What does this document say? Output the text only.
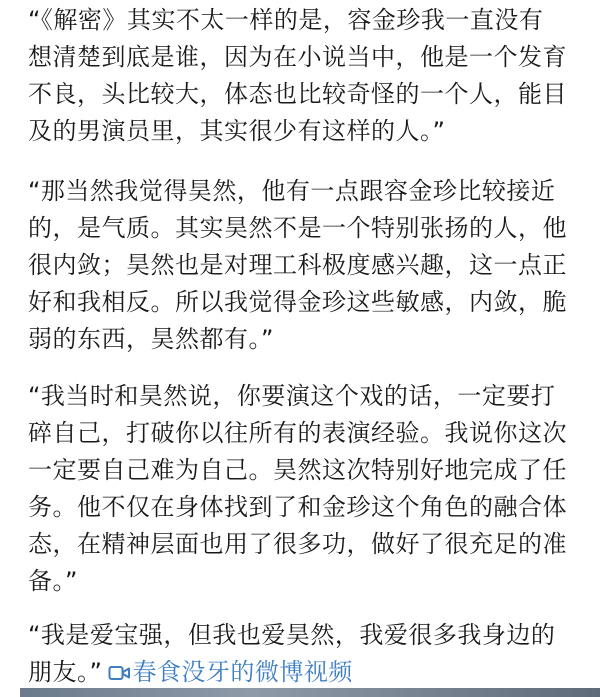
“《解密》其实不太一样的是，容金珍我一直没有
想清楚到底是谁，因为在小说当中，他是一个发育
不良，头比较大，体态也比较奇怪的一个人，能目
及的男演员里，其实很少有这样的人。”

“那当然我觉得昊然，他有一点跟容金珍比较接近
的，是气质。其实昊然不是一个特别张扬的人，他
很内敛；昊然也是对理工科极度感兴趣，这一点正
好和我相反。所以我觉得金珍这些敏感，内敛，脆
弱的东西，昊然都有。”

“我当时和昊然说，你要演这个戏的话，一定要打
碎自己，打破你以往所有的表演经验。我说你这次
一定要自己难为自己。昊然这次特别好地完成了任
务。他不仅在身体找到了和金珍这个角色的融合体
态，在精神层面也用了很多功，做好了很充足的准
备。”

“我是爱宝强，但我也爱昊然，我爱很多我身边的
朋友。” 春食没牙的微博视频
